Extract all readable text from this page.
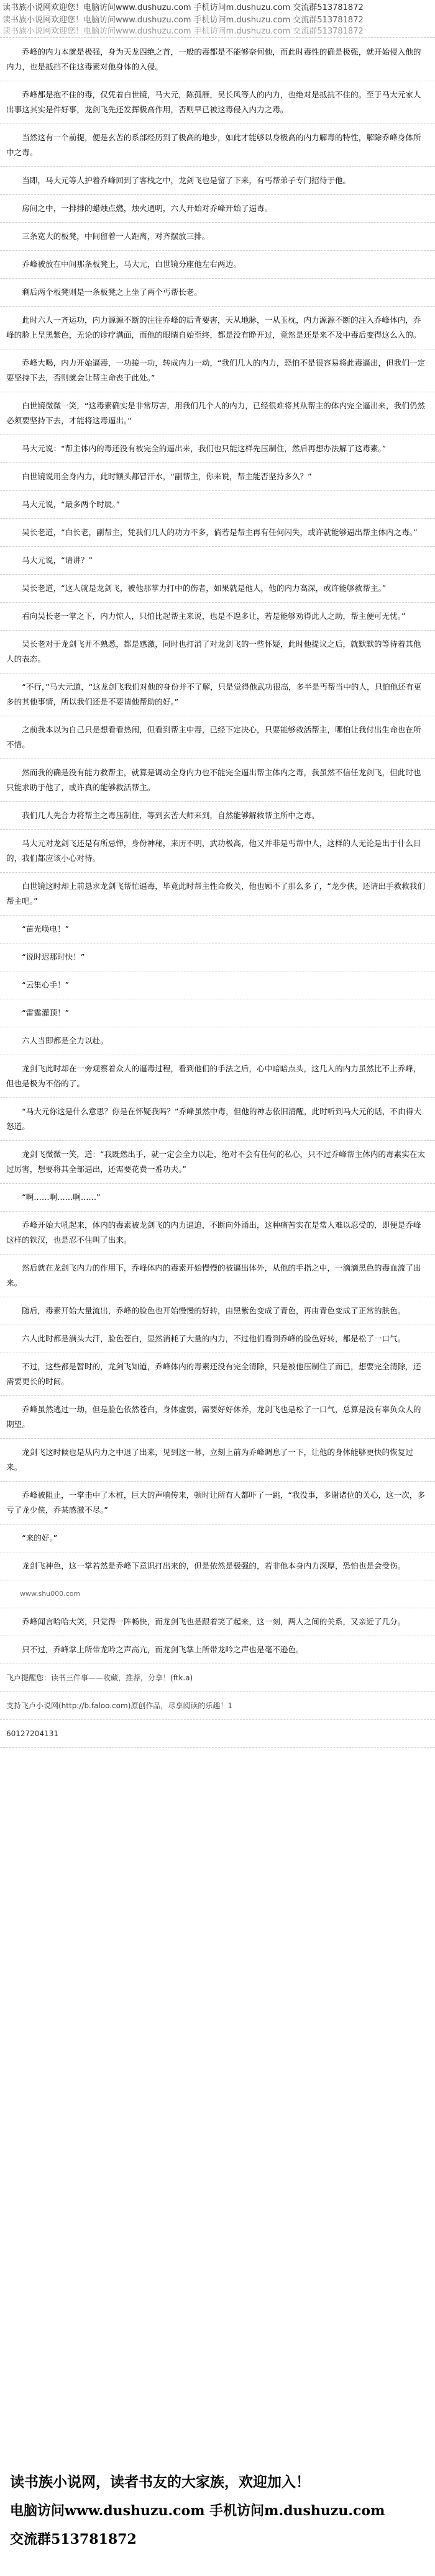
读书族小说网欢迎您！电脑访问www.dushuzu.com 手机访问m.dushuzu.com 交流群513781872
读书族小说网欢迎您！电脑访问www.dushuzu.com 手机访问m.dushuzu.com 交流群513781872
读书族小说网欢迎您！电脑访问www.dushuzu.com 手机访问m.dushuzu.com 交流群513781872
乔峰的内力本就是极强，身为天龙四绝之首，一般的毒都是不能够奈何他，而此时毒性的确是极强，就开始侵入他的内力，也是抵挡不住这毒素对他身体的入侵。
乔峰都是抱不住的毒，仅凭着白世镜，马大元，陈孤雁，吴长风等人的内力，也绝对是抵抗不住的。至于马大元家人出事这其实是件好事，龙剑飞先还发挥极高作用，否则早已被这毒侵入内力之毒。
当然这有一个前提，便是玄苦的系部经历到了极高的地步，如此才能够以身极高的内力解毒的特性，解除乔峰身体所中之毒。
当即，马大元等人护着乔峰回到了客栈之中，龙剑飞也是留了下来，有丐帮弟子专门招待于他。
房间之中，一排排的蜡烛点燃，烛火通明，六人开始对乔峰开始了逼毒。
三条宽大的板凳，中间留着一人距离，对齐摆放三排。
乔峰被放在中间那条板凳上，马大元，白世镜分座他左右两边。
剩后两个板凳则是一条板凳之上坐了两个丐帮长老。
此时六人一齐运功，内力源源不断的注往乔峰的后背要害，天从地脉，一从玉枕，内力源源不断的注入乔峰体内，乔峰的脸上呈黑紫色，无论的诊疗满面，而他的眼睛自始至终，都是没有睁开过，竟然是还是来不及中毒后变得这么入的。
乔峰大喝，内力开始逼毒，一功接一功，转成内力一动，“我们几人的内力，恐怕不是很容易将此毒逼出，但我们一定要坚持下去，否则就会让帮主命丧于此处。”
白世镜微微一笑，“这毒素确实是非常厉害，用我们几个人的内力，已经很难将其从帮主的体内完全逼出来，我们仍然必须要坚持下去，才能将这毒逼出。”
马大元说：“帮主体内的毒还没有被完全的逼出来，我们也只能这样先压制住，然后再想办法解了这毒素。”
白世镜说用全身内力，此时额头都冒汗水，“副帮主，你来说，帮主能否坚持多久？”
马大元说，“最多两个时辰。”
吴长老道，“白长老，副帮主，凭我们几人的功力不多，倘若是帮主再有任何闪失，或许就能够逼出帮主体内之毒。”
马大元说，“请讲？”
吴长老道，“这人就是龙剑飞，被他那掌力打中的伤者，如果就是他人，他的内力高深，或许能够救帮主。”
看向吴长老一掌之下，内力惊人，只怕比起帮主来说，也是不遑多让，若是能够劝得此人之助，帮主便可无忧。”
吴长老对于龙剑飞并不熟悉，都是感激，同时也打消了对龙剑飞的一些怀疑，此时他提议之后，就默默的等待着其他人的表态。
“不行，”马大元道，“这龙剑飞我们对他的身份并不了解，只是觉得他武功很高，多半是丐帮当中的人，只怕他还有更多的其他事情，所以我们还是不要请他帮助的好。”
之前我本以为自己只是想看看热闹，但看到帮主中毒，已经下定决心，只要能够救活帮主，哪怕让我付出生命也在所不惜。
然而我的确是没有能力救帮主，就算是调动全身内力也不能完全逼出帮主体内之毒，我虽然不信任龙剑飞，但此时也只能求助于他了，或许真的能够救活帮主。
我们几人先合力将帮主之毒压制住，等到玄苦大师来到，自然能够解救帮主所中之毒。
马大元对龙剑飞还是有所忌惮，身份神秘，来历不明，武功极高，他又并非是丐帮中人，这样的人无论是出于什么目的，我们都应该小心对待。
白世镜这时却上前恳求龙剑飞帮忙逼毒，毕竟此时帮主性命攸关，他也顾不了那么多了，“龙少侠，还请出手救救我们帮主吧。”
“苗光唤电！”
“说时迟那时快！”
“云集心手！”
“雷霆灌顶！”
六人当即都是全力以赴。
龙剑飞此时却在一旁观察着众人的逼毒过程，看到他们的手法之后，心中暗暗点头，这几人的内力虽然比不上乔峰，但也是极为不俗的了。
“马大元你这是什么意思？你是在怀疑我吗？”乔峰虽然中毒，但他的神志依旧清醒，此时听到马大元的话，不由得大怒道。
龙剑飞微微一笑，道：“我既然出手，就一定会全力以赴，绝对不会有任何的私心，只不过乔峰帮主体内的毒素实在太过厉害，想要将其全部逼出，还需要花费一番功夫。”
“啊……啊……啊……”
乔峰开始大吼起来，体内的毒素被龙剑飞的内力逼迫，不断向外涌出，这种痛苦实在是常人难以忍受的，即便是乔峰这样的铁汉，也是忍不住叫了出来。
然后就在龙剑飞内力的作用下，乔峰体内的毒素开始慢慢的被逼出体外，从他的手指之中，一滴滴黑色的毒血流了出来。
随后，毒素开始大量流出，乔峰的脸色也开始慢慢的好转，由黑紫色变成了青色，再由青色变成了正常的肤色。
六人此时都是满头大汗，脸色苍白，显然消耗了大量的内力，不过他们看到乔峰的脸色好转，都是松了一口气。
不过，这些都是暂时的，龙剑飞知道，乔峰体内的毒素还没有完全清除，只是被他压制住了而已，想要完全清除，还需要更长的时间。
乔峰虽然逃过一劫，但是脸色依然苍白，身体虚弱，需要好好休养，龙剑飞也是松了一口气，总算是没有辜负众人的期望。
龙剑飞这时候也是从内力之中退了出来，见到这一幕，立刻上前为乔峰调息了一下，让他的身体能够更快的恢复过来。
乔峰被阻止，一掌击中了木桩，巨大的声响传来，顿时让所有人都吓了一跳，“我没事，多谢诸位的关心，这一次，多亏了龙少侠，乔某感激不尽。”
“来的好。”
龙剑飞神色，这一掌若然是乔峰下意识打出来的，但是依然是极强的，若非他本身内力深厚，恐怕也是会受伤。
www.shu000.com
乔峰闻言哈哈大笑，只觉得一阵畅快，而龙剑飞也是跟着笑了起来，这一刻，两人之间的关系，又亲近了几分。
只不过，乔峰掌上所带龙吟之声高亢，而龙剑飞掌上所带龙吟之声也是毫不逊色。
飞卢提醒您：读书三件事——收藏，推荐，分享！(ftk.a)
支持飞卢小说网(http://b.faloo.com)原创作品，尽享阅读的乐趣！1
60127204131
读书族小说网，读者书友的大家族，欢迎加入！
电脑访问www.dushuzu.com 手机访问m.dushuzu.com
交流群513781872
